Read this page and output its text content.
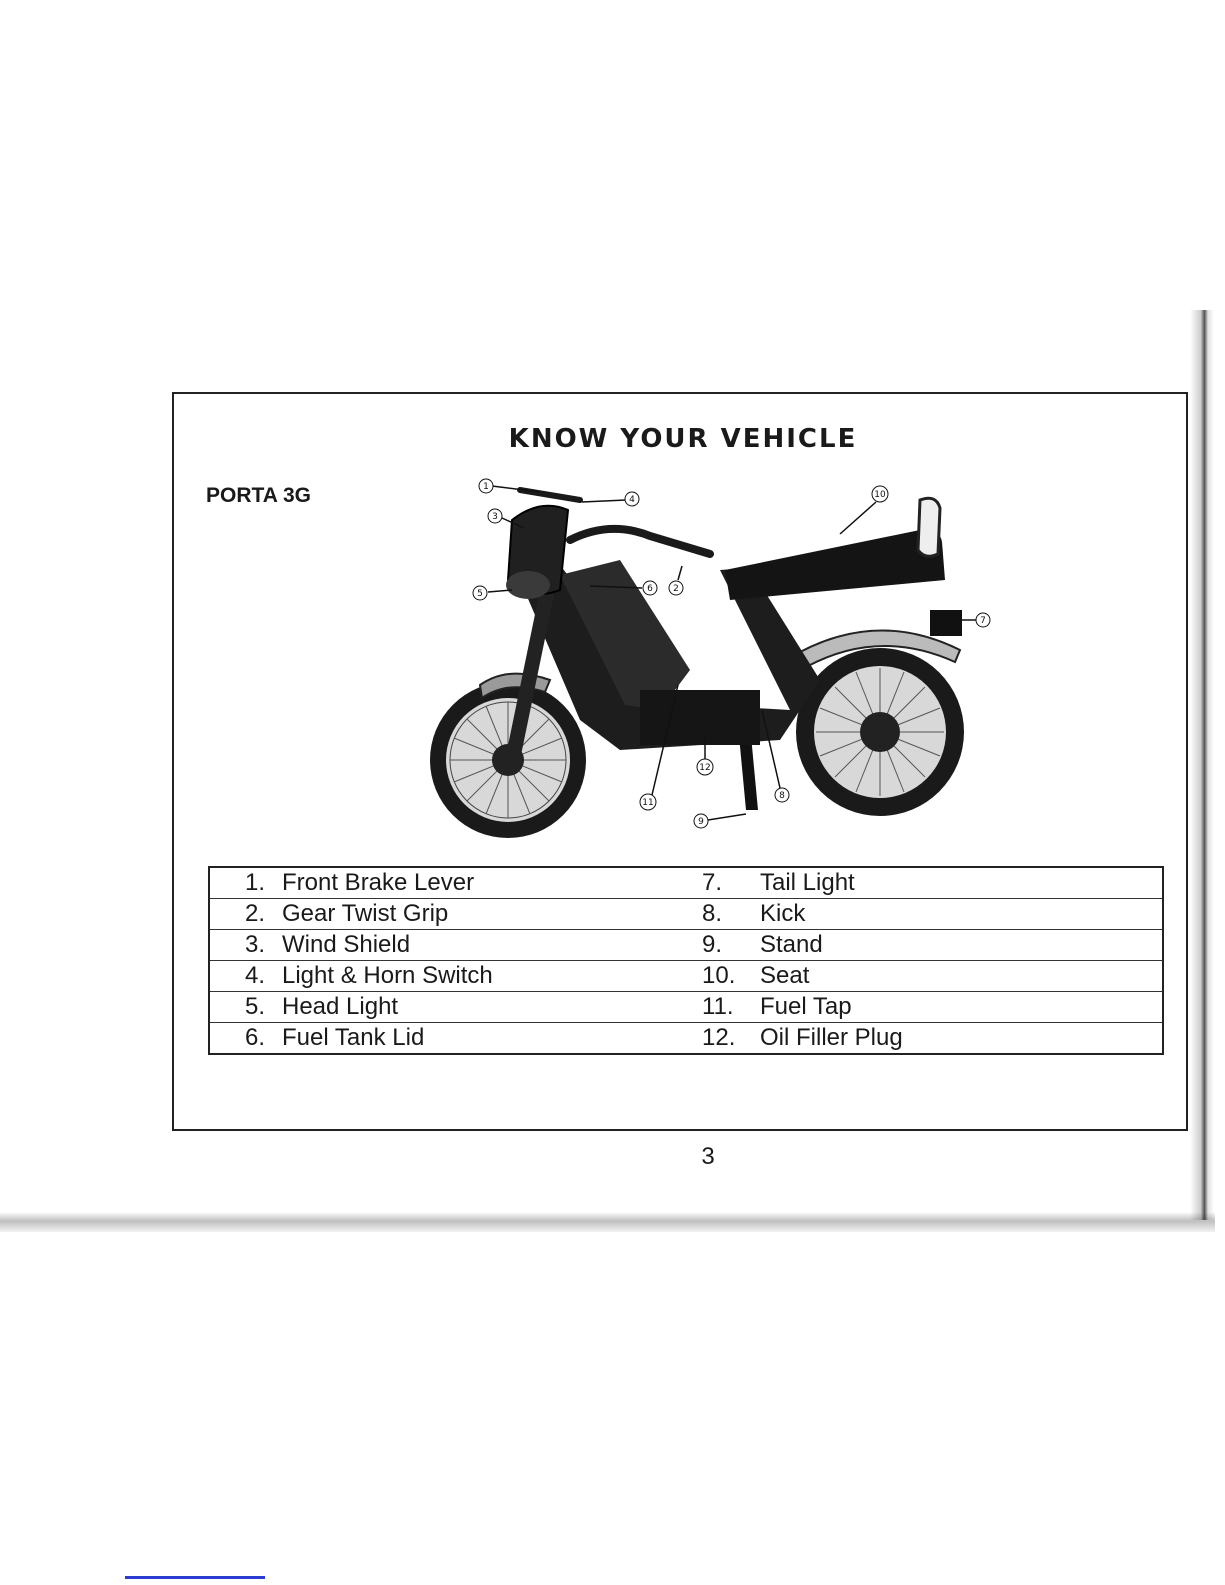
KNOW YOUR VEHICLE
PORTA 3G	1
4
3
10
5	6 2
7
12
11
8
9
	1.	Front Brake Lever	7.	Tail Light
	2.	Gear Twist Grip	8.	Kick
	3.	Wind Shield	9.	Stand
	4.	Light & Horn Switch	10.	Seat
	5.	Head Light	11.	Fuel Tap
	6.	Fuel Tank Lid	12.	Oil Filler Plug
3
